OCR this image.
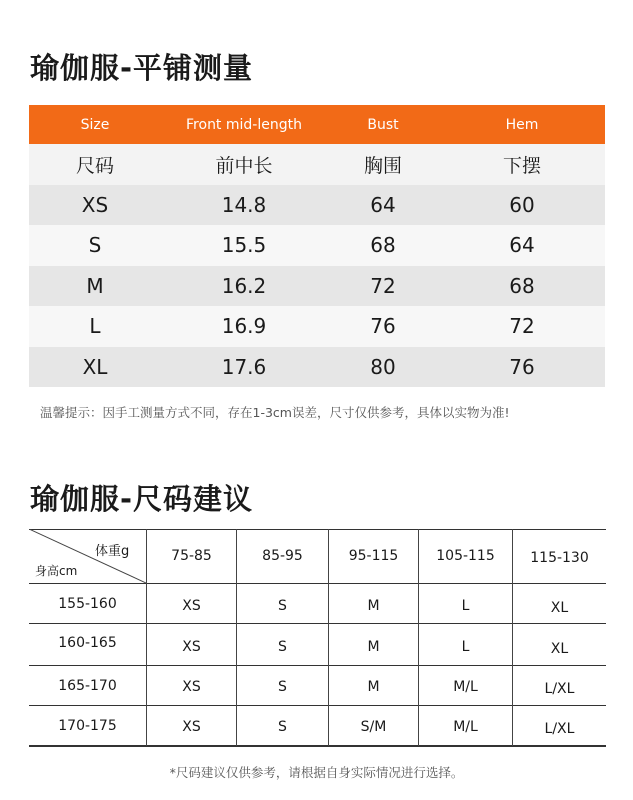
瑜伽服-平铺测量
Size	Front mid-length	Bust	Hem
尺码	前中长	胸围	下摆
XS	14.8	64	60
S	15.5	68	64
M	16.2	72	68
L	16.9	76	72
XL	17.6	80	76
温馨提示：因手工测量方式不同，存在1-3cm误差，尺寸仅供参考，具体以实物为准!
瑜伽服-尺码建议
体重g
身高cm
75-85	85-95	95-115	105-115	115-130
155-160	XS	S	M	L	XL
160-165	XS	S	M	L	XL
165-170	XS	S	M	M/L	L/XL
170-175	XS	S	S/M	M/L	L/XL
*尺码建议仅供参考，请根据自身实际情况进行选择。
